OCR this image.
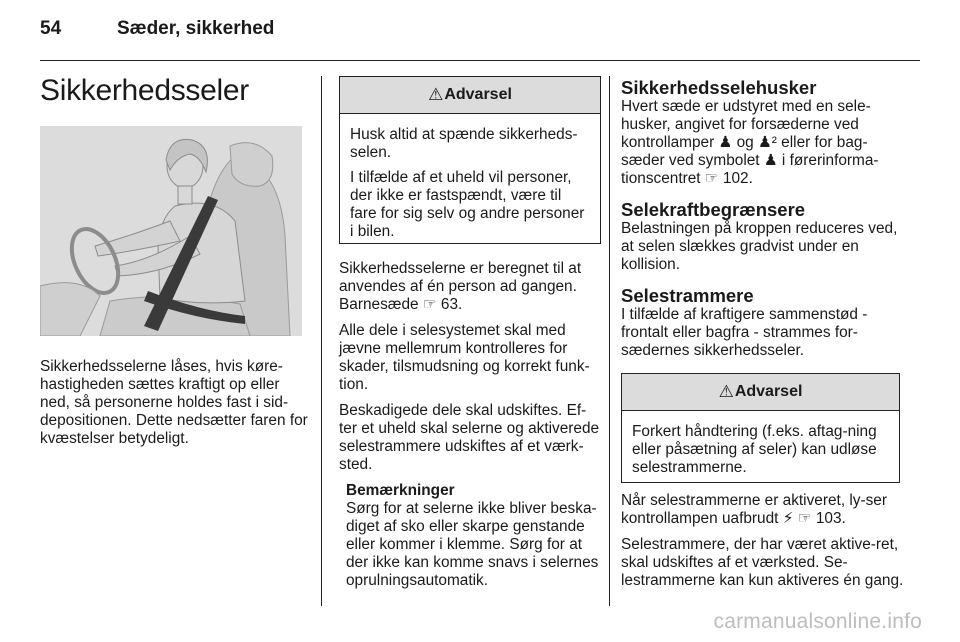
54	Sæder, sikkerhed
Sikkerhedsseler
Sikkerhedsselerne låses, hvis køre-hastigheden sættes kraftigt op eller ned, så personerne holdes fast i sid-depositionen. Dette nedsætter faren for kvæstelser betydeligt.
⚠ Advarsel

Husk altid at spænde sikkerheds-selen.

I tilfælde af et uheld vil personer, der ikke er fastspændt, være til fare for sig selv og andre personer i bilen.

Sikkerhedsselerne er beregnet til at anvendes af én person ad gangen. Barnesæde ☞ 63.

Alle dele i selesystemet skal med jævne mellemrum kontrolleres for skader, tilsmudsning og korrekt funk-tion.

Beskadigede dele skal udskiftes. Ef-ter et uheld skal selerne og aktiverede selestrammere udskiftes af et værk-sted.

Bemærkninger
Sørg for at selerne ikke bliver beska-diget af sko eller skarpe genstande eller kommer i klemme. Sørg for at der ikke kan komme snavs i selernes oprulningsautomatik.
Sikkerhedsselehusker
Hvert sæde er udstyret med en sele-husker, angivet for forsæderne ved kontrollamper ♟ og ♟² eller for bag-sæder ved symbolet ♟ i førerinforma-tionscentret ☞ 102.
Selekraftbegrænsere
Belastningen på kroppen reduceres ved, at selen slækkes gradvist under en kollision.
Selestrammere
I tilfælde af kraftigere sammenstød - frontalt eller bagfra - strammes for-sædernes sikkerhedsseler.
⚠ Advarsel

Forkert håndtering (f.eks. aftag-ning eller påsætning af seler) kan udløse selestrammerne.

Når selestrammerne er aktiveret, ly-ser kontrollampen uafbrudt ⚡ ☞ 103.

Selestrammere, der har været aktive-ret, skal udskiftes af et værksted. Se-lestrammerne kan kun aktiveres én gang.

carmanualsonline.info
